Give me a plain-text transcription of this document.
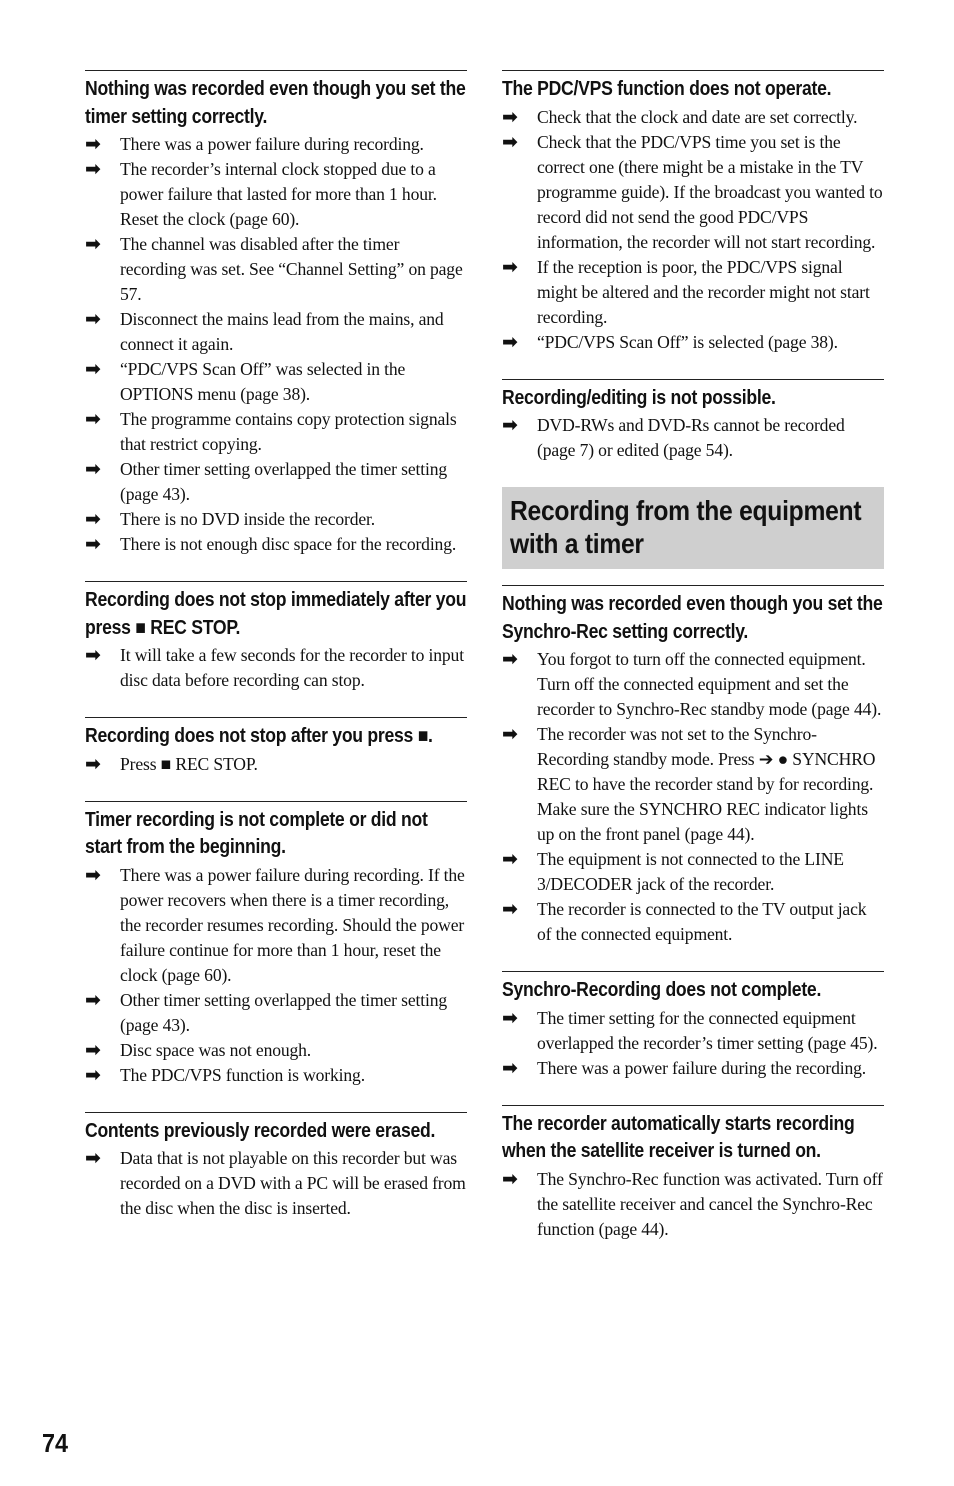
Nothing was recorded even though you set the timer setting correctly.
➡ There was a power failure during recording.
➡ The recorder’s internal clock stopped due to a power failure that lasted for more than 1 hour. Reset the clock (page 60).
➡ The channel was disabled after the timer recording was set. See “Channel Setting” on page 57.
➡ Disconnect the mains lead from the mains, and connect it again.
➡ “PDC/VPS Scan Off” was selected in the OPTIONS menu (page 38).
➡ The programme contains copy protection signals that restrict copying.
➡ Other timer setting overlapped the timer setting (page 43).
➡ There is no DVD inside the recorder.
➡ There is not enough disc space for the recording.
Recording does not stop immediately after you press ■ REC STOP.
➡ It will take a few seconds for the recorder to input disc data before recording can stop.
Recording does not stop after you press ■.
➡ Press ■ REC STOP.
Timer recording is not complete or did not start from the beginning.
➡ There was a power failure during recording. If the power recovers when there is a timer recording, the recorder resumes recording. Should the power failure continue for more than 1 hour, reset the clock (page 60).
➡ Other timer setting overlapped the timer setting (page 43).
➡ Disc space was not enough.
➡ The PDC/VPS function is working.
Contents previously recorded were erased.
➡ Data that is not playable on this recorder but was recorded on a DVD with a PC will be erased from the disc when the disc is inserted.
The PDC/VPS function does not operate.
➡ Check that the clock and date are set correctly.
➡ Check that the PDC/VPS time you set is the correct one (there might be a mistake in the TV programme guide). If the broadcast you wanted to record did not send the good PDC/VPS information, the recorder will not start recording.
➡ If the reception is poor, the PDC/VPS signal might be altered and the recorder might not start recording.
➡ “PDC/VPS Scan Off” is selected (page 38).
Recording/editing is not possible.
➡ DVD-RWs and DVD-Rs cannot be recorded (page 7) or edited (page 54).
Recording from the equipment with a timer
Nothing was recorded even though you set the Synchro-Rec setting correctly.
➡ You forgot to turn off the connected equipment. Turn off the connected equipment and set the recorder to Synchro-Rec standby mode (page 44).
➡ The recorder was not set to the Synchro-Recording standby mode. Press ➔ ● SYNCHRO REC to have the recorder stand by for recording. Make sure the SYNCHRO REC indicator lights up on the front panel (page 44).
➡ The equipment is not connected to the LINE 3/DECODER jack of the recorder.
➡ The recorder is connected to the TV output jack of the connected equipment.
Synchro-Recording does not complete.
➡ The timer setting for the connected equipment overlapped the recorder’s timer setting (page 45).
➡ There was a power failure during the recording.
The recorder automatically starts recording when the satellite receiver is turned on.
➡ The Synchro-Rec function was activated. Turn off the satellite receiver and cancel the Synchro-Rec function (page 44).
74
